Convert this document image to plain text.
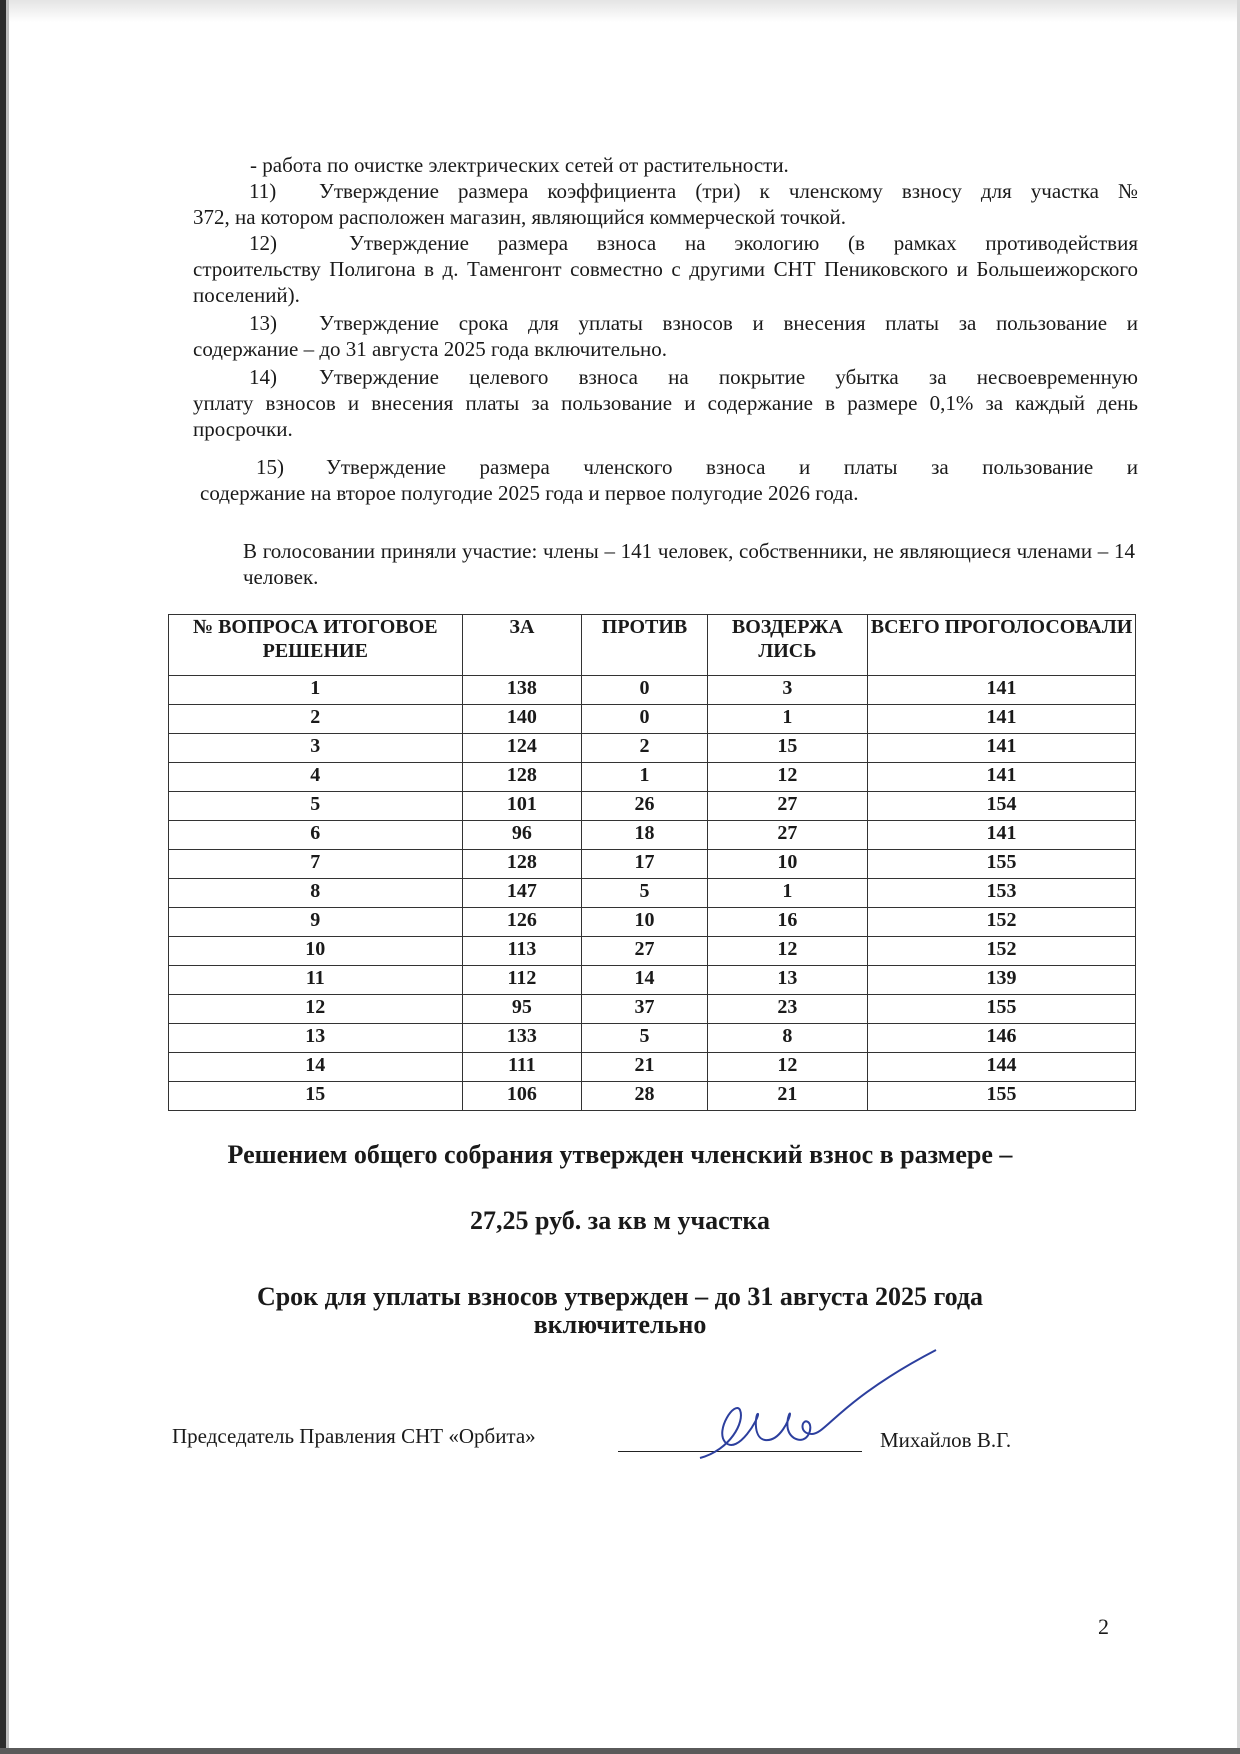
- работа по очистке электрических сетей от растительности.
11) Утверждение размера коэффициента (три) к членскому взносу для участка №
372, на котором расположен магазин, являющийся коммерческой точкой.
12)	Утверждение размера взноса на экологию (в рамках противодействия
строительству Полигона в д. Таменгонт совместно с другими СНТ Пениковского и Большеижорского поселений).
13) Утверждение срока для уплаты взносов и внесения платы за пользование и
содержание – до 31 августа 2025 года включительно.
14) Утверждение целевого взноса на покрытие убытка за несвоевременную
уплату взносов и внесения платы за пользование и содержание в размере 0,1% за каждый день просрочки.
15) Утверждение размера членского взноса и платы за пользование и
содержание на второе полугодие 2025 года и первое полугодие 2026 года.
В голосовании приняли участие: члены – 141 человек, собственники, не являющиеся членами – 14 человек.
№ ВОПРОСА ИТОГОВОЕ РЕШЕНИЕ	ЗА	ПРОТИВ	ВОЗДЕРЖА ЛИСЬ	ВСЕГО ПРОГОЛОСОВАЛИ
1	138	0	3	141
2	140	0	1	141
3	124	2	15	141
4	128	1	12	141
5	101	26	27	154
6	96	18	27	141
7	128	17	10	155
8	147	5	1	153
9	126	10	16	152
10	113	27	12	152
11	112	14	13	139
12	95	37	23	155
13	133	5	8	146
14	111	21	12	144
15	106	28	21	155
Решением общего собрания утвержден членский взнос в размере –
27,25 руб. за кв м участка
Срок для уплаты взносов утвержден – до 31 августа 2025 года
включительно
Председатель Правления СНТ «Орбита»	Михайлов В.Г.
2
